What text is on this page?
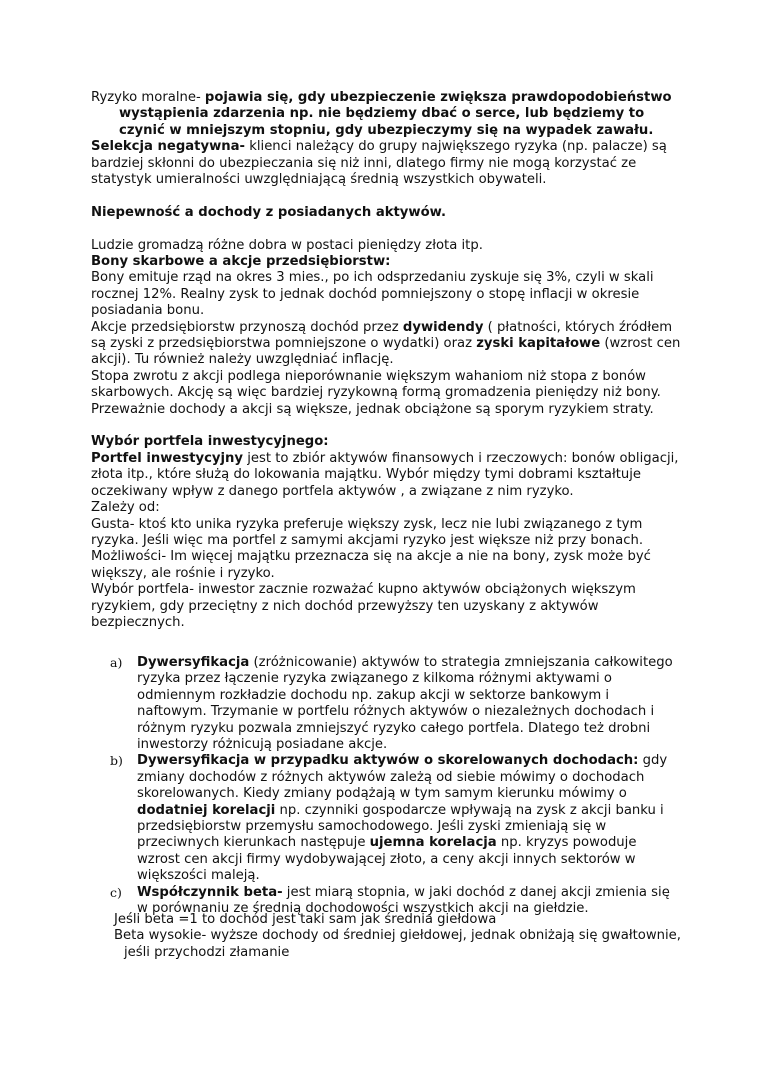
Ryzyko moralne- pojawia się, gdy ubezpieczenie zwiększa prawdopodobieństwo wystąpienia zdarzenia np. nie będziemy dbać o serce, lub będziemy to czynić w mniejszym stopniu, gdy ubezpieczymy się na wypadek zawału.

Selekcja negatywna- klienci należący do grupy największego ryzyka (np. palacze) są bardziej skłonni do ubezpieczania się niż inni, dlatego firmy nie mogą korzystać ze statystyk umieralności uwzględniającą średnią wszystkich obywateli.

Niepewność a dochody z posiadanych aktywów.

Ludzie gromadzą różne dobra w postaci pieniędzy złota itp.

Bony skarbowe a akcje przedsiębiorstw:

Bony emituje rząd na okres 3 mies., po ich odsprzedaniu zyskuje się 3%, czyli w skali rocznej 12%. Realny zysk to jednak dochód pomniejszony o stopę inflacji w okresie posiadania bonu.

Akcje przedsiębiorstw przynoszą dochód przez dywidendy ( płatności, których źródłem są zyski z przedsiębiorstwa pomniejszone o wydatki) oraz zyski kapitałowe (wzrost cen akcji). Tu również należy uwzględniać inflację.

Stopa zwrotu z akcji podlega nieporównanie większym wahaniom niż stopa z bonów skarbowych. Akcję są więc bardziej ryzykowną formą gromadzenia pieniędzy niż bony. Przeważnie dochody a akcji są większe, jednak obciążone są sporym ryzykiem straty.

Wybór portfela inwestycyjnego:

Portfel inwestycyjny jest to zbiór aktywów finansowych i rzeczowych: bonów obligacji, złota itp., które służą do lokowania majątku. Wybór między tymi dobrami kształtuje oczekiwany wpływ z danego portfela aktywów , a związane z nim ryzyko.

Zależy od:

Gusta- ktoś kto unika ryzyka preferuje większy zysk, lecz nie lubi związanego z tym ryzyka. Jeśli więc ma portfel z samymi akcjami ryzyko jest większe niż przy bonach.

Możliwości- Im więcej majątku przeznacza się na akcje a nie na bony, zysk może być większy, ale rośnie i ryzyko.

Wybór portfela- inwestor zacznie rozważać kupno aktywów obciążonych większym ryzykiem, gdy przeciętny z nich dochód przewyższy ten uzyskany z aktywów bezpiecznych.

a) Dywersyfikacja (zróżnicowanie) aktywów to strategia zmniejszania całkowitego ryzyka przez łączenie ryzyka związanego z kilkoma różnymi aktywami o odmiennym rozkładzie dochodu np. zakup akcji w sektorze bankowym i naftowym. Trzymanie w portfelu różnych aktywów o niezależnych dochodach i różnym ryzyku pozwala zmniejszyć ryzyko całego portfela. Dlatego też drobni inwestorzy różnicują posiadane akcje.

b) Dywersyfikacja w przypadku aktywów o skorelowanych dochodach: gdy zmiany dochodów z różnych aktywów zależą od siebie mówimy o dochodach skorelowanych. Kiedy zmiany podążają w tym samym kierunku mówimy o dodatniej korelacji np. czynniki gospodarcze wpływają na zysk z akcji banku i przedsiębiorstw przemysłu samochodowego. Jeśli zyski zmieniają się w przeciwnych kierunkach następuje ujemna korelacja np. kryzys powoduje wzrost cen akcji firmy wydobywającej złoto, a ceny akcji innych sektorów w większości maleją.

c) Współczynnik beta- jest miarą stopnia, w jaki dochód z danej akcji zmienia się w porównaniu ze średnią dochodowości wszystkich akcji na giełdzie.

Jeśli beta =1 to dochód jest taki sam jak średnia giełdowa

Beta wysokie- wyższe dochody od średniej giełdowej, jednak obniżają się gwałtownie, jeśli przychodzi złamanie
